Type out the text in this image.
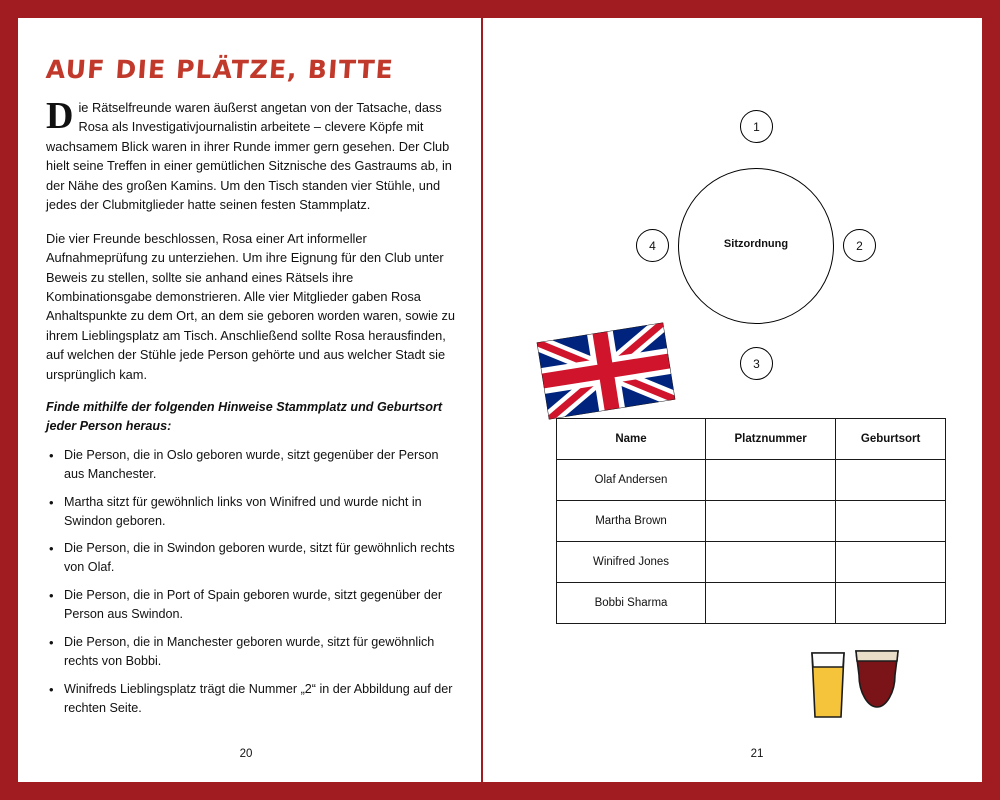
AUF DIE PLÄTZE, BITTE

Die Rätselfreunde waren äußerst angetan von der Tatsache, dass Rosa als Investigativjournalistin arbeitete – clevere Köpfe mit wachsamem Blick waren in ihrer Runde immer gern gesehen. Der Club hielt seine Treffen in einer gemütlichen Sitznische des Gastraums ab, in der Nähe des großen Kamins. Um den Tisch standen vier Stühle, und jedes der Clubmitglieder hatte seinen festen Stammplatz.

Die vier Freunde beschlossen, Rosa einer Art informeller Aufnahmeprüfung zu unterziehen. Um ihre Eignung für den Club unter Beweis zu stellen, sollte sie anhand eines Rätsels ihre Kombinationsgabe demonstrieren. Alle vier Mitglieder gaben Rosa Anhaltspunkte zu dem Ort, an dem sie geboren worden waren, sowie zu ihrem Lieblingsplatz am Tisch. Anschließend sollte Rosa herausfinden, auf welchen der Stühle jede Person gehörte und aus welcher Stadt sie ursprünglich kam.

Finde mithilfe der folgenden Hinweise Stammplatz und Geburtsort jeder Person heraus:

• Die Person, die in Oslo geboren wurde, sitzt gegenüber der Person aus Manchester.
• Martha sitzt für gewöhnlich links von Winifred und wurde nicht in Swindon geboren.
• Die Person, die in Swindon geboren wurde, sitzt für gewöhnlich rechts von Olaf.
• Die Person, die in Port of Spain geboren wurde, sitzt gegenüber der Person aus Swindon.
• Die Person, die in Manchester geboren wurde, sitzt für gewöhnlich rechts von Bobbi.
• Winifreds Lieblingsplatz trägt die Nummer „2“ in der Abbildung auf der rechten Seite.
20
Sitzordnung
1
2
3
4
Name	Platznummer	Geburtsort
Olaf Andersen		
Martha Brown		
Winifred Jones		
Bobbi Sharma		
21
